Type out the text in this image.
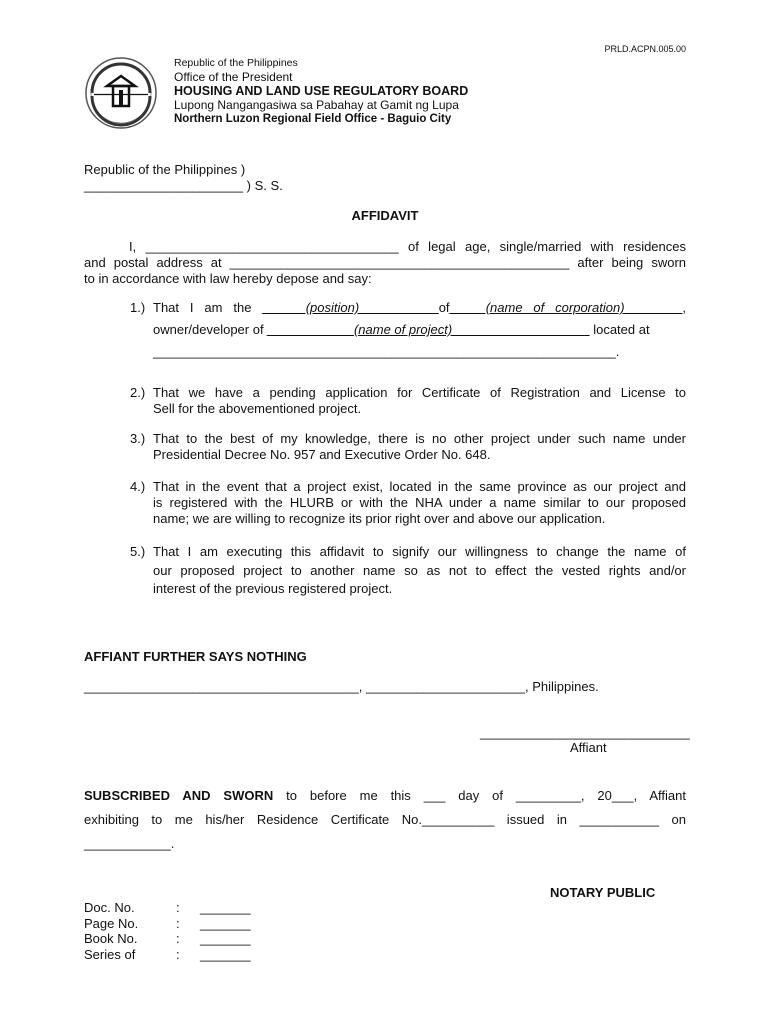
PRLD.ACPN.005.00
Republic of the Philippines
Office of the President
HOUSING AND LAND USE REGULATORY BOARD
Lupong Nangangasiwa sa Pabahay at Gamit ng Lupa
Northern Luzon Regional Field Office - Baguio City
Republic of the Philippines )
______________________ ) S. S.
AFFIDAVIT
I, ___________________________________ of legal age, single/married with residences
and postal address at _______________________________________________ after being sworn
to in accordance with law hereby depose and say:
1.) That I am the ______(position)___________of_____(name of corporation)________,
owner/developer of ____________(name of project)___________________ located at
________________________________________________________________.
2.) That we have a pending application for Certificate of Registration and License to
Sell for the abovementioned project.
3.) That to the best of my knowledge, there is no other project under such name under
Presidential Decree No. 957 and Executive Order No. 648.
4.) That in the event that a project exist, located in the same province as our project and
is registered with the HLURB or with the NHA under a name similar to our proposed
name; we are willing to recognize its prior right over and above our application.
5.) That I am executing this affidavit to signify our willingness to change the name of
our proposed project to another name so as not to effect the vested rights and/or
interest of the previous registered project.
AFFIANT FURTHER SAYS NOTHING
______________________________________, ______________________, Philippines.
_____________________________
Affiant
SUBSCRIBED AND SWORN to before me this ___ day of _________, 20___, Affiant
exhibiting to me his/her Residence Certificate No.__________ issued in ___________ on
____________.
NOTARY PUBLIC
Doc. No.	:	_______
Page No.	:	_______
Book No.	:	_______
Series of	:	_______
